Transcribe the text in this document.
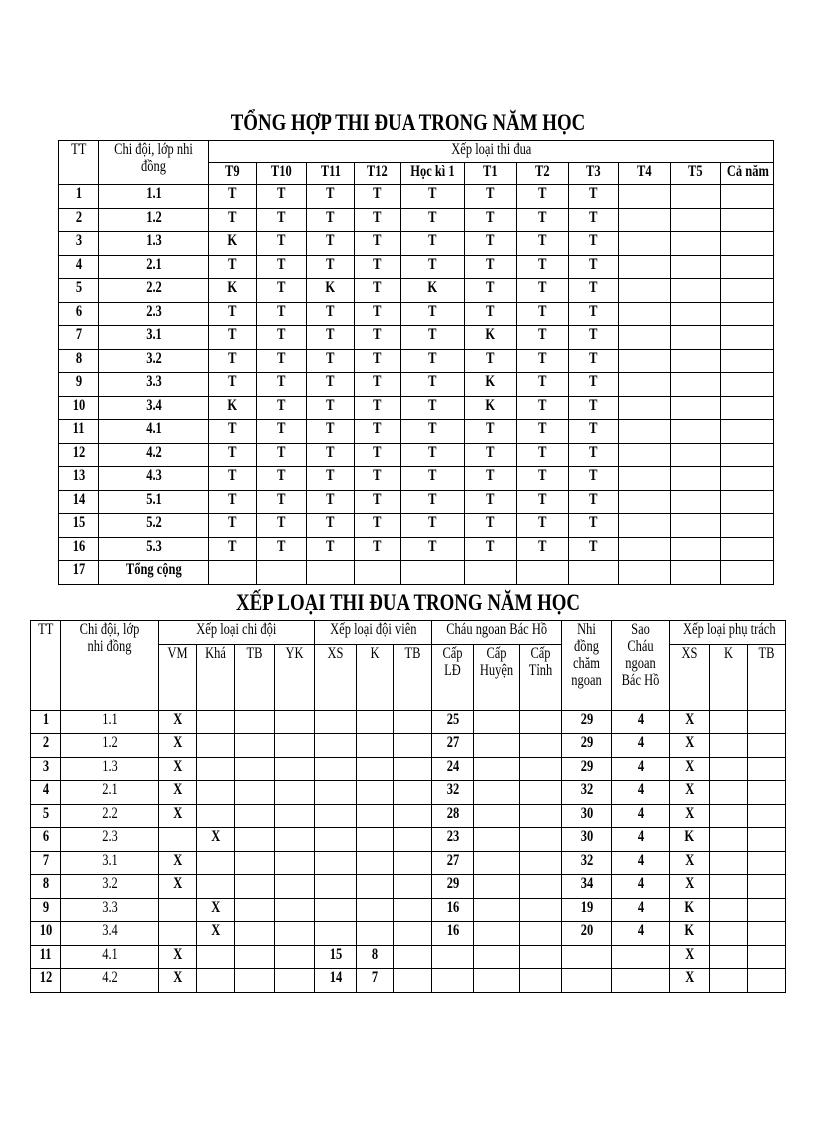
TỔNG HỢP THI ĐUA TRONG NĂM HỌC
TT	Chi đội, lớp nhi đồng	Xếp loại thi đua										
		T9	T10	T11	T12	Học kì 1	T1	T2	T3	T4	T5	Cả năm
1	1.1	T	T	T	T	T	T	T	T			
2	1.2	T	T	T	T	T	T	T	T			
3	1.3	K	T	T	T	T	T	T	T			
4	2.1	T	T	T	T	T	T	T	T			
5	2.2	K	T	K	T	K	T	T	T			
6	2.3	T	T	T	T	T	T	T	T			
7	3.1	T	T	T	T	T	K	T	T			
8	3.2	T	T	T	T	T	T	T	T			
9	3.3	T	T	T	T	T	K	T	T			
10	3.4	K	T	T	T	T	K	T	T			
11	4.1	T	T	T	T	T	T	T	T			
12	4.2	T	T	T	T	T	T	T	T			
13	4.3	T	T	T	T	T	T	T	T			
14	5.1	T	T	T	T	T	T	T	T			
15	5.2	T	T	T	T	T	T	T	T			
16	5.3	T	T	T	T	T	T	T	T			
17	Tổng cộng											
XẾP LOẠI THI ĐUA TRONG NĂM HỌC
TT	Chi đội, lớp nhi đồng	Xếp loại chi đội				Xếp loại đội viên			Cháu ngoan Bác Hồ			Nhi đồng chăm ngoan	Sao Cháu ngoan Bác Hồ	Xếp loại phụ trách		

		VM	Khá	TB	YK	XS	K	TB	Cấp LĐ	Cấp Huyện	Cấp Tỉnh			XS	K	TB

1	1.1	X							25			29	4	X		
2	1.2	X							27			29	4	X		
3	1.3	X							24			29	4	X		
4	2.1	X							32			32	4	X		
5	2.2	X							28			30	4	X		
6	2.3		X						23			30	4	K		
7	3.1	X							27			32	4	X		
8	3.2	X							29			34	4	X		
9	3.3		X						16			19	4	K		
10	3.4		X						16			20	4	K		
11	4.1	X				15	8							X		
12	4.2	X				14	7							X		
